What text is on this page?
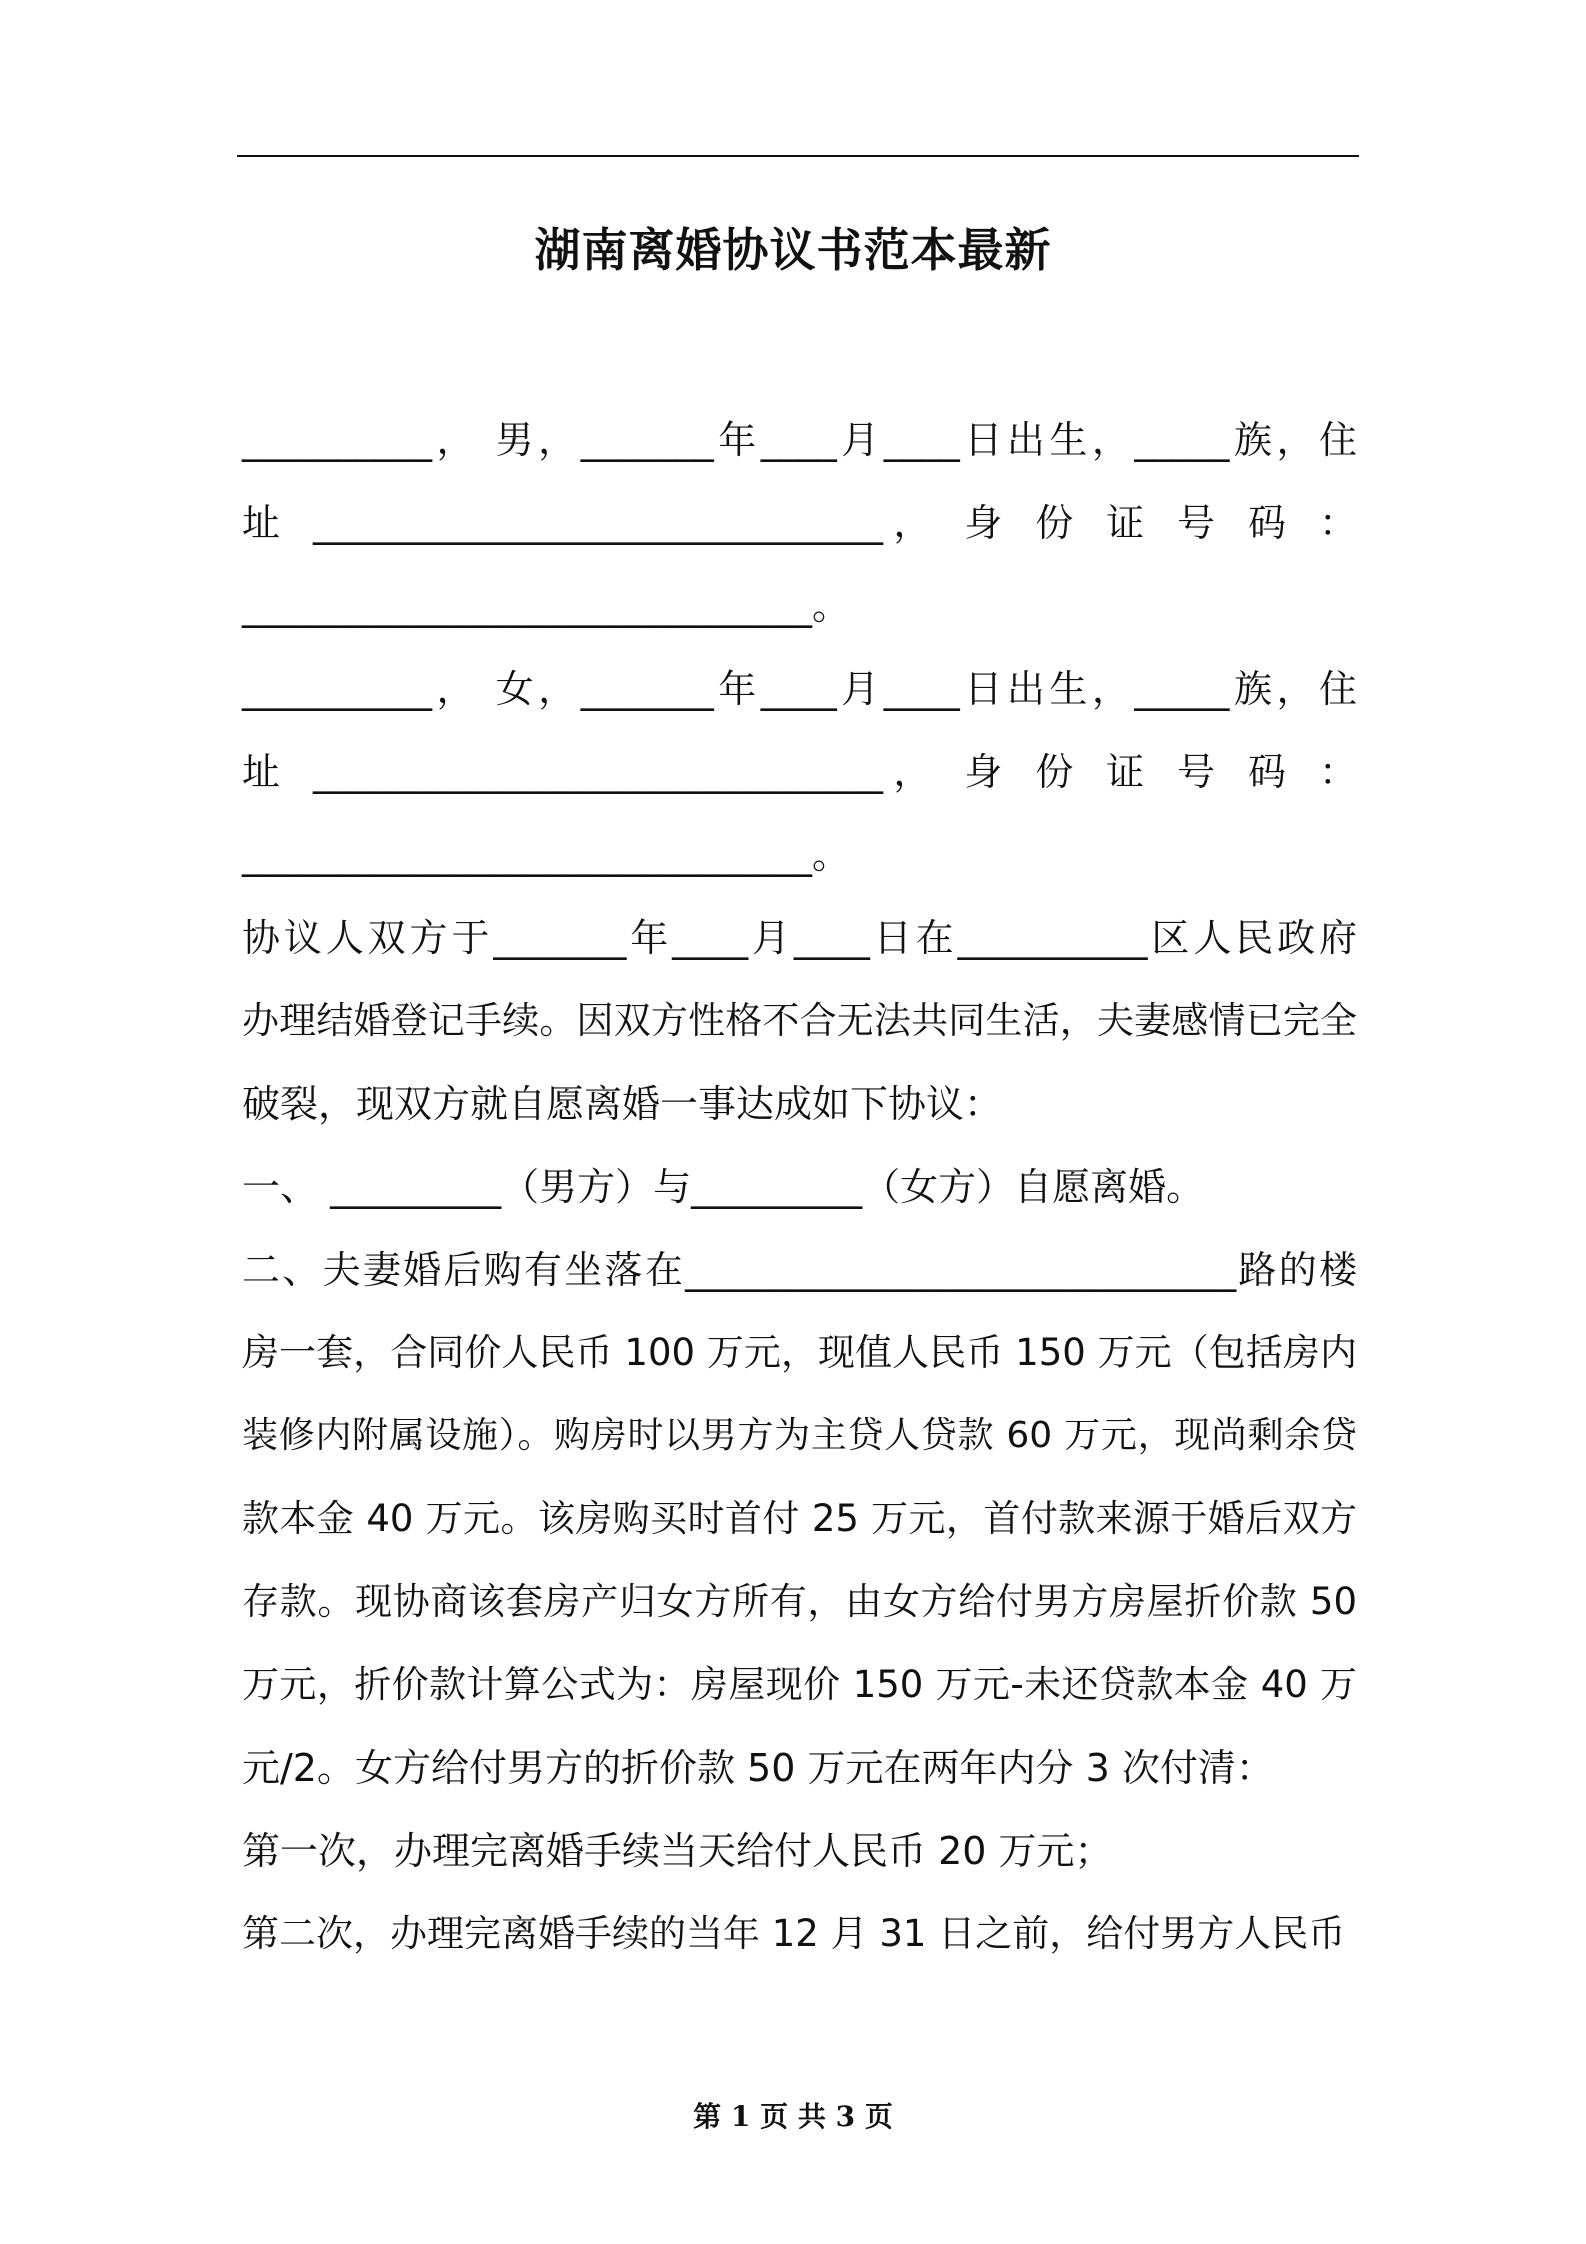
湖南离婚协议书范本最新
__________， 男，_______年____月____日出生，_____族，住
址 ______________________________， 身 份 证 号 码 ：
______________________________。
__________， 女，_______年____月____日出生，_____族，住
址 ______________________________， 身 份 证 号 码 ：
______________________________。
协议人双方于_______年____月____日在__________区人民政府
办理结婚登记手续。因双方性格不合无法共同生活，夫妻感情已完全
破裂，现双方就自愿离婚一事达成如下协议：
一、 _________（男方）与_________（女方）自愿离婚。
二、夫妻婚后购有坐落在_____________________________路的楼
房一套，合同价人民币 100 万元，现值人民币 150 万元（包括房内
装修内附属设施）。购房时以男方为主贷人贷款 60 万元，现尚剩余贷
款本金 40 万元。该房购买时首付 25 万元，首付款来源于婚后双方
存款。现协商该套房产归女方所有，由女方给付男方房屋折价款 50
万元，折价款计算公式为：房屋现价 150 万元-未还贷款本金 40 万
元/2。女方给付男方的折价款 50 万元在两年内分 3 次付清：
第一次，办理完离婚手续当天给付人民币 20 万元；
第二次，办理完离婚手续的当年 12 月 31 日之前，给付男方人民币
第 1 页 共 3 页
